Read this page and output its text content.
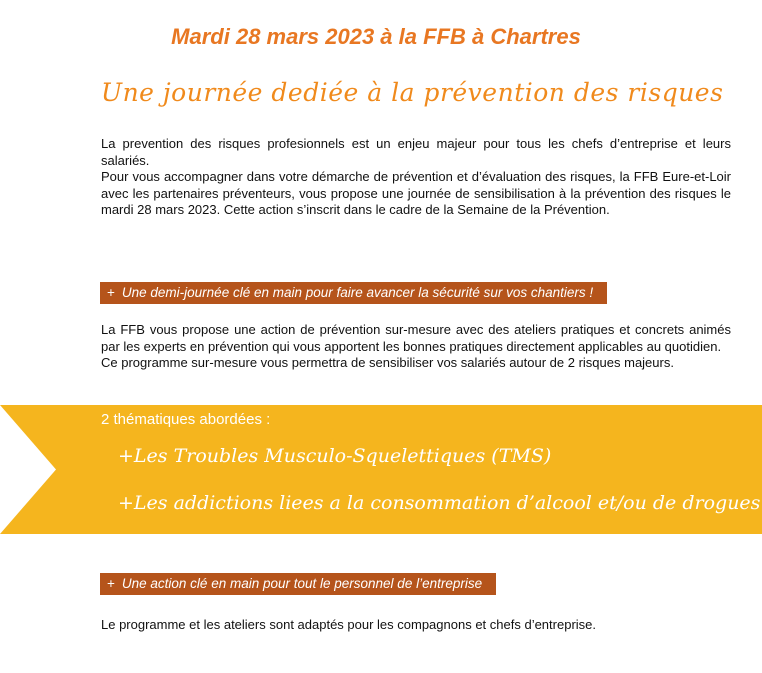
Mardi 28 mars 2023 à la FFB à Chartres
Une journée dediée à la prévention des risques

La prevention des risques profesionnels est un enjeu majeur pour tous les chefs d’entreprise et leurs salariés.

Pour vous accompagner dans votre démarche de prévention et d’évaluation des risques, la FFB Eure-et-Loir avec les partenaires préventeurs, vous propose une journée de sensibilisation à la prévention des risques le mardi 28 mars 2023. Cette action s’inscrit dans le cadre de la Semaine de la Prévention.

+ Une demi-journée clé en main pour faire avancer la sécurité sur vos chantiers !

La FFB vous propose une action de prévention sur-mesure avec des ateliers pratiques et concrets animés par les experts en prévention qui vous apportent les bonnes pratiques directement applicables au quotidien.

Ce programme sur-mesure vous permettra de sensibiliser vos salariés autour de 2 risques majeurs.

2 thématiques abordées :
+Les Troubles Musculo-Squelettiques (TMS)
+Les addictions liees a la consommation d’alcool et/ou de drogues
+ Une action clé en main pour tout le personnel de l’entreprise

Le programme et les ateliers sont adaptés pour les compagnons et chefs d’entreprise.
